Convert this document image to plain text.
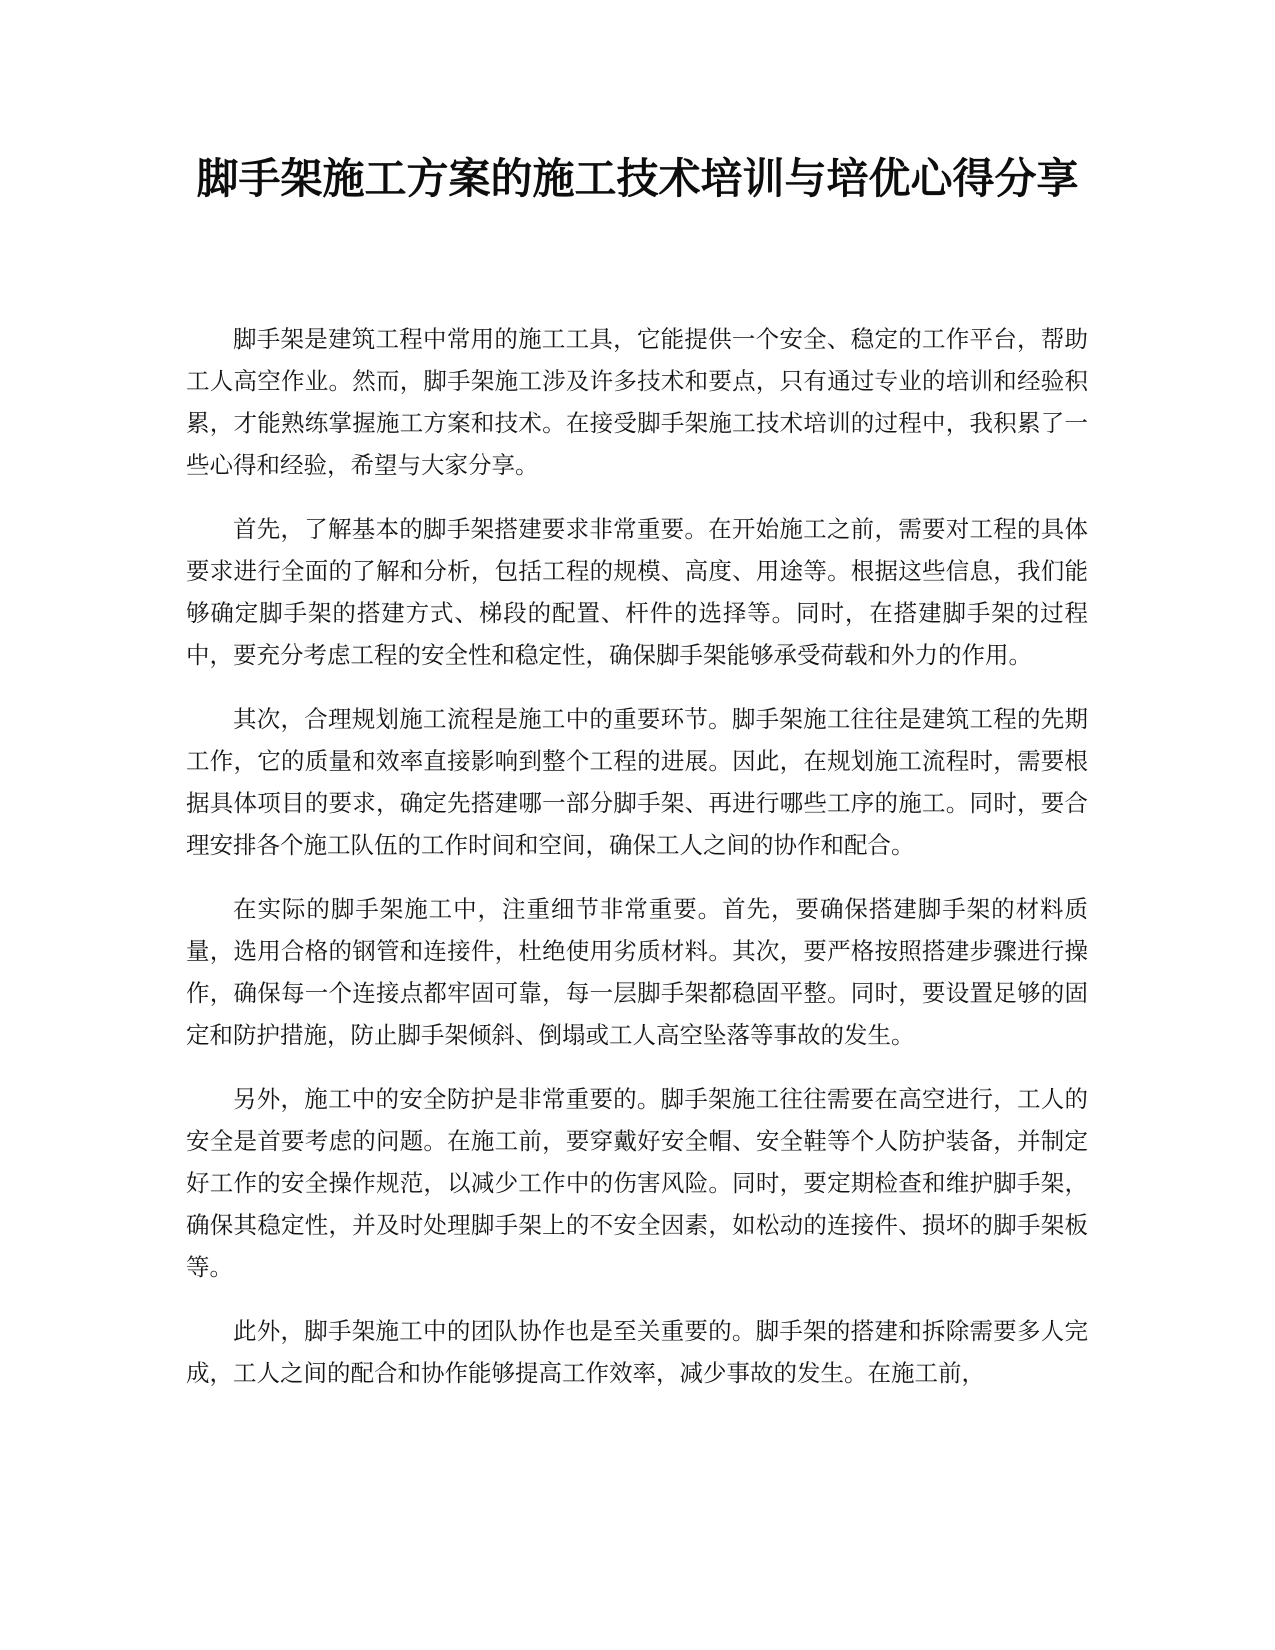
脚手架施工方案的施工技术培训与培优心得分享

脚手架是建筑工程中常用的施工工具，它能提供一个安全、稳定的工作平台，帮助工人高空作业。然而，脚手架施工涉及许多技术和要点，只有通过专业的培训和经验积累，才能熟练掌握施工方案和技术。在接受脚手架施工技术培训的过程中，我积累了一些心得和经验，希望与大家分享。

首先，了解基本的脚手架搭建要求非常重要。在开始施工之前，需要对工程的具体要求进行全面的了解和分析，包括工程的规模、高度、用途等。根据这些信息，我们能够确定脚手架的搭建方式、梯段的配置、杆件的选择等。同时，在搭建脚手架的过程中，要充分考虑工程的安全性和稳定性，确保脚手架能够承受荷载和外力的作用。

其次，合理规划施工流程是施工中的重要环节。脚手架施工往往是建筑工程的先期工作，它的质量和效率直接影响到整个工程的进展。因此，在规划施工流程时，需要根据具体项目的要求，确定先搭建哪一部分脚手架、再进行哪些工序的施工。同时，要合理安排各个施工队伍的工作时间和空间，确保工人之间的协作和配合。

在实际的脚手架施工中，注重细节非常重要。首先，要确保搭建脚手架的材料质量，选用合格的钢管和连接件，杜绝使用劣质材料。其次，要严格按照搭建步骤进行操作，确保每一个连接点都牢固可靠，每一层脚手架都稳固平整。同时，要设置足够的固定和防护措施，防止脚手架倾斜、倒塌或工人高空坠落等事故的发生。

另外，施工中的安全防护是非常重要的。脚手架施工往往需要在高空进行，工人的安全是首要考虑的问题。在施工前，要穿戴好安全帽、安全鞋等个人防护装备，并制定好工作的安全操作规范，以减少工作中的伤害风险。同时，要定期检查和维护脚手架，确保其稳定性，并及时处理脚手架上的不安全因素，如松动的连接件、损坏的脚手架板等。

此外，脚手架施工中的团队协作也是至关重要的。脚手架的搭建和拆除需要多人完成，工人之间的配合和协作能够提高工作效率，减少事故的发生。在施工前，
